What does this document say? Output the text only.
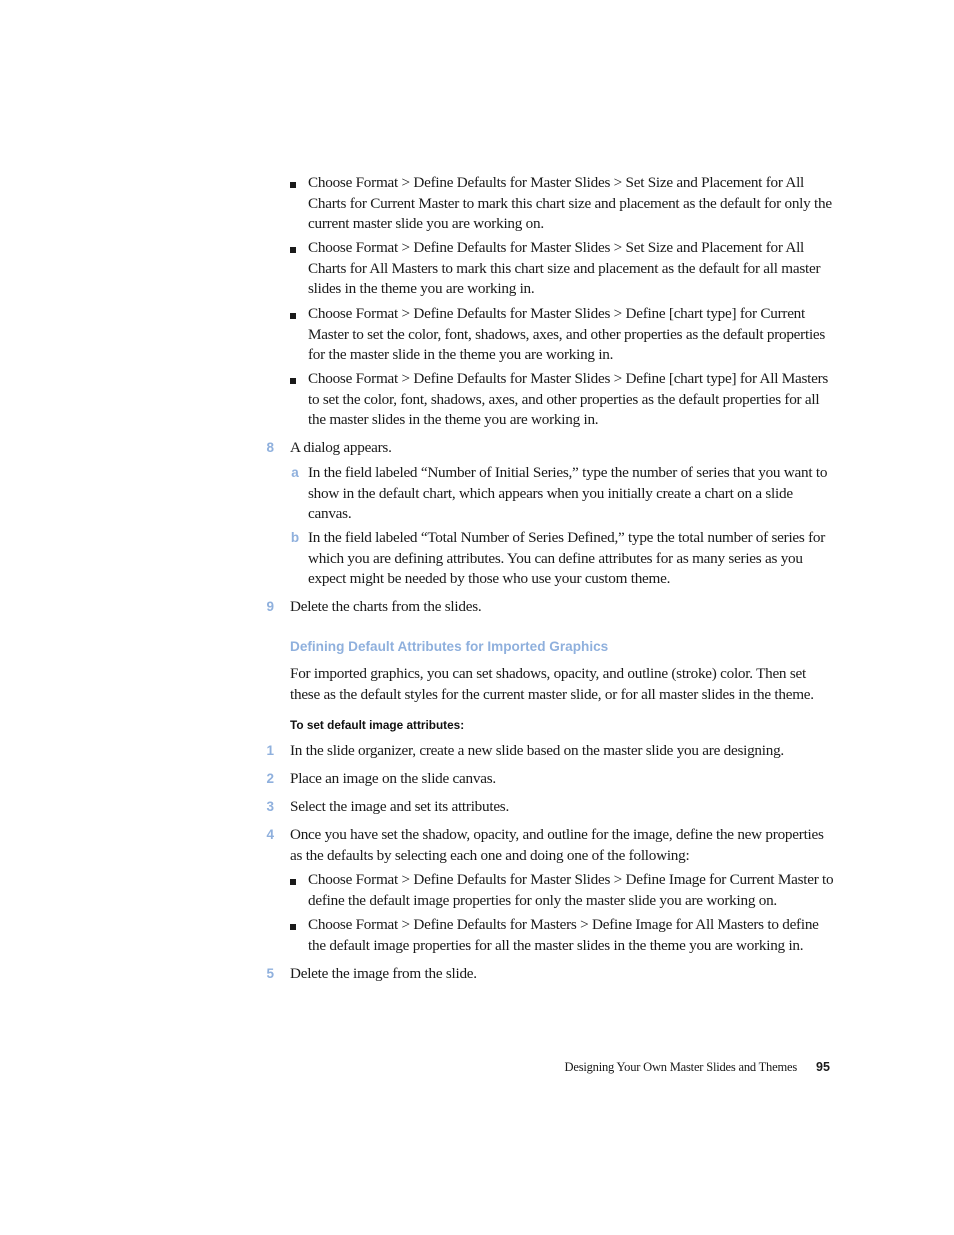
Choose Format > Define Defaults for Master Slides > Set Size and Placement for All Charts for Current Master to mark this chart size and placement as the default for only the current master slide you are working on.
Choose Format > Define Defaults for Master Slides > Set Size and Placement for All Charts for All Masters to mark this chart size and placement as the default for all master slides in the theme you are working in.
Choose Format > Define Defaults for Master Slides > Define [chart type] for Current Master to set the color, font, shadows, axes, and other properties as the default properties for the master slide in the theme you are working in.
Choose Format > Define Defaults for Master Slides > Define [chart type] for All Masters to set the color, font, shadows, axes, and other properties as the default properties for all the master slides in the theme you are working in.
8 A dialog appears.
a In the field labeled “Number of Initial Series,” type the number of series that you want to show in the default chart, which appears when you initially create a chart on a slide canvas.
b In the field labeled “Total Number of Series Defined,” type the total number of series for which you are defining attributes. You can define attributes for as many series as you expect might be needed by those who use your custom theme.
9 Delete the charts from the slides.
Defining Default Attributes for Imported Graphics
For imported graphics, you can set shadows, opacity, and outline (stroke) color. Then set these as the default styles for the current master slide, or for all master slides in the theme.
To set default image attributes:
1 In the slide organizer, create a new slide based on the master slide you are designing.
2 Place an image on the slide canvas.
3 Select the image and set its attributes.
4 Once you have set the shadow, opacity, and outline for the image, define the new properties as the defaults by selecting each one and doing one of the following:
Choose Format > Define Defaults for Master Slides > Define Image for Current Master to define the default image properties for only the master slide you are working on.
Choose Format > Define Defaults for Masters > Define Image for All Masters to define the default image properties for all the master slides in the theme you are working in.
5 Delete the image from the slide.
Designing Your Own Master Slides and Themes 95
